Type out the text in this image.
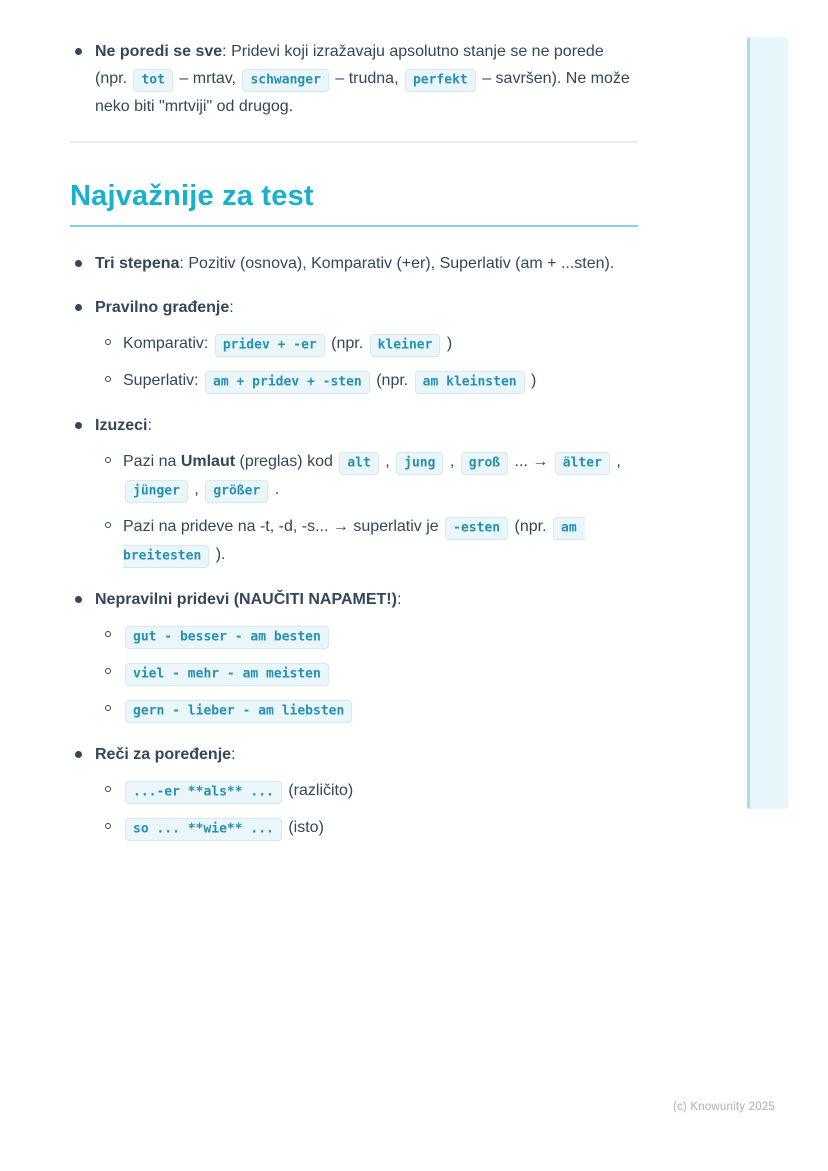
Ne poredi se sve: Pridevi koji izražavaju apsolutno stanje se ne porede (npr. tot – mrtav, schwanger – trudna, perfekt – savršen). Ne može neko biti "mrtviji" od drugog.
Najvažnije za test
Tri stepena: Pozitiv (osnova), Komparativ (+er), Superlativ (am + ...sten).
Pravilno građenje:
Komparativ: pridev + -er (npr. kleiner )
Superlativ: am + pridev + -sten (npr. am kleinsten )
Izuzeci:
Pazi na Umlaut (preglas) kod alt , jung , groß ... → älter , jünger , größer .
Pazi na prideve na -t, -d, -s... → superlativ je -esten (npr. am breitesten ).
Nepravilni pridevi (NAUČITI NAPAMET!):
gut - besser - am besten
viel - mehr - am meisten
gern - lieber - am liebsten
Reči za poređenje:
...-er **als** ... (različito)
so ... **wie** ... (isto)
(c) Knowunity 2025
